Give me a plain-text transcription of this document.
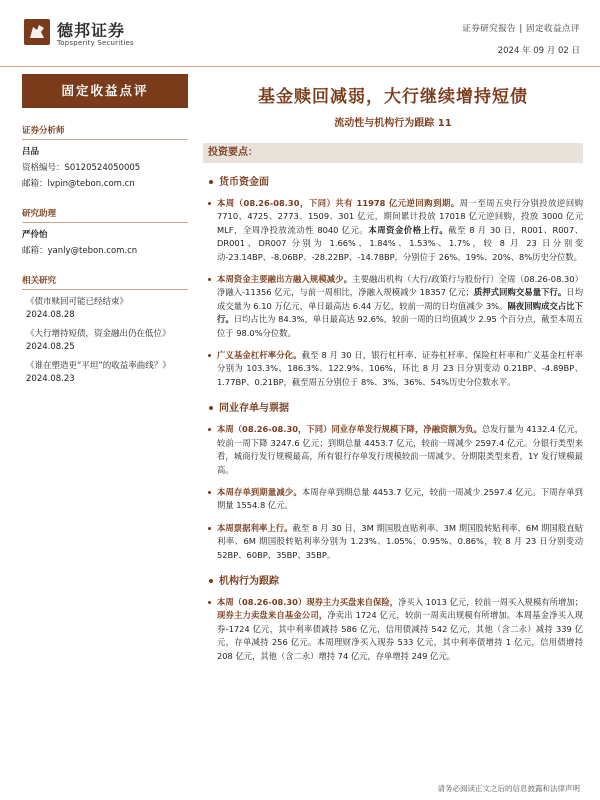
德邦证券
Topsperity Securities
证券研究报告 | 固定收益点评
2024 年 09 月 02 日
固定收益点评
证券分析师
吕品
资格编号：S0120524050005
邮箱：lvpin@tebon.com.cn
研究助理
严伶怡
邮箱：yanly@tebon.com.cn
相关研究
《债市赎回可能已经结束》
2024.08.28
《大行增持短债，资金融出仍在低位》
2024.08.25
《谁在塑造更“平坦”的收益率曲线？》
2024.08.23
基金赎回减弱，大行继续增持短债
流动性与机构行为跟踪 11
投资要点：
货币资金面
本周（08.26-08.30，下同）共有 11978 亿元逆回购到期。周一至周五央行分别投放逆回购 7710、4725、2773、1509、301 亿元，期间累计投放 17018 亿元逆回购，投放 3000 亿元 MLF，全周净投放流动性 8040 亿元。本周资金价格上行。截至 8 月 30 日，R001、R007、DR001、DR007 分别为 1.66%、1.84%、1.53%、1.7%，较 8 月 23 日分别变动-23.14BP、-8.06BP、-28.22BP、-14.78BP，分别位于 26%、19%、20%、8%历史分位数。
本周资金主要融出方融入规模减少。主要融出机构（大行/政策行与股份行）全周（08.26-08.30）净融入-11356 亿元，与前一周相比，净融入规模减少 18357 亿元；质押式回购交易量下行。日均成交量为 6.10 万亿元，单日最高达 6.44 万亿，较前一周的日均值减少 3%。隔夜回购成交占比下行。日均占比为 84.3%，单日最高达 92.6%，较前一周的日均值减少 2.95 个百分点，截至本周五位于 98.0%分位数。
广义基金杠杆率分化。截至 8 月 30 日，银行杠杆率、证券杠杆率、保险杠杆率和广义基金杠杆率分别为 103.3%、186.3%、122.9%、106%，环比 8 月 23 日分别变动 0.21BP、-4.89BP、1.77BP、0.21BP，截至周五分别位于 8%、3%、36%、54%历史分位数水平。
同业存单与票据
本周（08.26-08.30，下同）同业存单发行规模下降，净融资额为负。总发行量为 4132.4 亿元，较前一周下降 3247.6 亿元；到期总量 4453.7 亿元，较前一周减少 2597.4 亿元。分银行类型来看，城商行发行规模最高，所有银行存单发行规模较前一周减少。分期限类型来看，1Y 发行规模最高。
本周存单到期量减少。本周存单到期总量 4453.7 亿元，较前一周减少 2597.4 亿元。下周存单到期量 1554.8 亿元。
本周票据利率上行。截至 8 月 30 日，3M 期国股直贴利率、3M 期国股转贴利率、6M 期国股直贴利率、6M 期国股转贴利率分别为 1.23%、1.05%、0.95%、0.86%，较 8 月 23 日分别变动 52BP、60BP、35BP、35BP。
机构行为跟踪
本周（08.26-08.30）现券主力买盘来自保险，净买入 1013 亿元，较前一周买入规模有所增加；现券主力卖盘来自基金公司，净卖出 1724 亿元，较前一周卖出规模有所增加。本周基金净买入现券-1724 亿元，其中利率债减持 586 亿元，信用债减持 542 亿元，其他（含二永）减持 339 亿元，存单减持 256 亿元。本周理财净买入现券 533 亿元，其中利率债增持 1 亿元，信用债增持 208 亿元，其他（含二永）增持 74 亿元，存单增持 249 亿元。
请务必阅读正文之后的信息披露和法律声明
